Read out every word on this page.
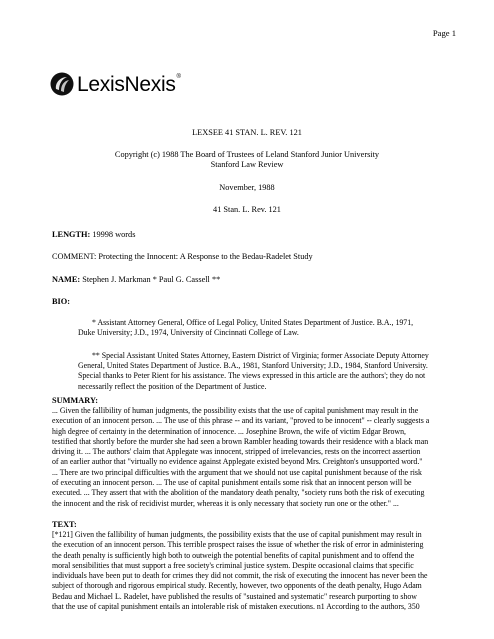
Page 1
LexisNexis®
LEXSEE 41 STAN. L. REV. 121
Copyright (c) 1988 The Board of Trustees of Leland Stanford Junior University
Stanford Law Review
November, 1988
41 Stan. L. Rev. 121
LENGTH: 19998 words
COMMENT: Protecting the Innocent: A Response to the Bedau-Radelet Study
NAME: Stephen J. Markman * Paul G. Cassell **
BIO:
* Assistant Attorney General, Office of Legal Policy, United States Department of Justice. B.A., 1971,
Duke University; J.D., 1974, University of Cincinnati College of Law.
** Special Assistant United States Attorney, Eastern District of Virginia; former Associate Deputy Attorney
General, United States Department of Justice. B.A., 1981, Stanford University; J.D., 1984, Stanford University.
Special thanks to Peter Rient for his assistance. The views expressed in this article are the authors'; they do not
necessarily reflect the position of the Department of Justice.
SUMMARY:
... Given the fallibility of human judgments, the possibility exists that the use of capital punishment may result in the
execution of an innocent person. ... The use of this phrase -- and its variant, "proved to be innocent" -- clearly suggests a
high degree of certainty in the determination of innocence. ... Josephine Brown, the wife of victim Edgar Brown,
testified that shortly before the murder she had seen a brown Rambler heading towards their residence with a black man
driving it. ... The authors' claim that Applegate was innocent, stripped of irrelevancies, rests on the incorrect assertion
of an earlier author that "virtually no evidence against Applegate existed beyond Mrs. Creighton's unsupported word."
... There are two principal difficulties with the argument that we should not use capital punishment because of the risk
of executing an innocent person. ... The use of capital punishment entails some risk that an innocent person will be
executed. ... They assert that with the abolition of the mandatory death penalty, "society runs both the risk of executing
the innocent and the risk of recidivist murder, whereas it is only necessary that society run one or the other." ...
TEXT:
[*121] Given the fallibility of human judgments, the possibility exists that the use of capital punishment may result in
the execution of an innocent person. This terrible prospect raises the issue of whether the risk of error in administering
the death penalty is sufficiently high both to outweigh the potential benefits of capital punishment and to offend the
moral sensibilities that must support a free society's criminal justice system. Despite occasional claims that specific
individuals have been put to death for crimes they did not commit, the risk of executing the innocent has never been the
subject of thorough and rigorous empirical study. Recently, however, two opponents of the death penalty, Hugo Adam
Bedau and Michael L. Radelet, have published the results of "sustained and systematic" research purporting to show
that the use of capital punishment entails an intolerable risk of mistaken executions. n1 According to the authors, 350
